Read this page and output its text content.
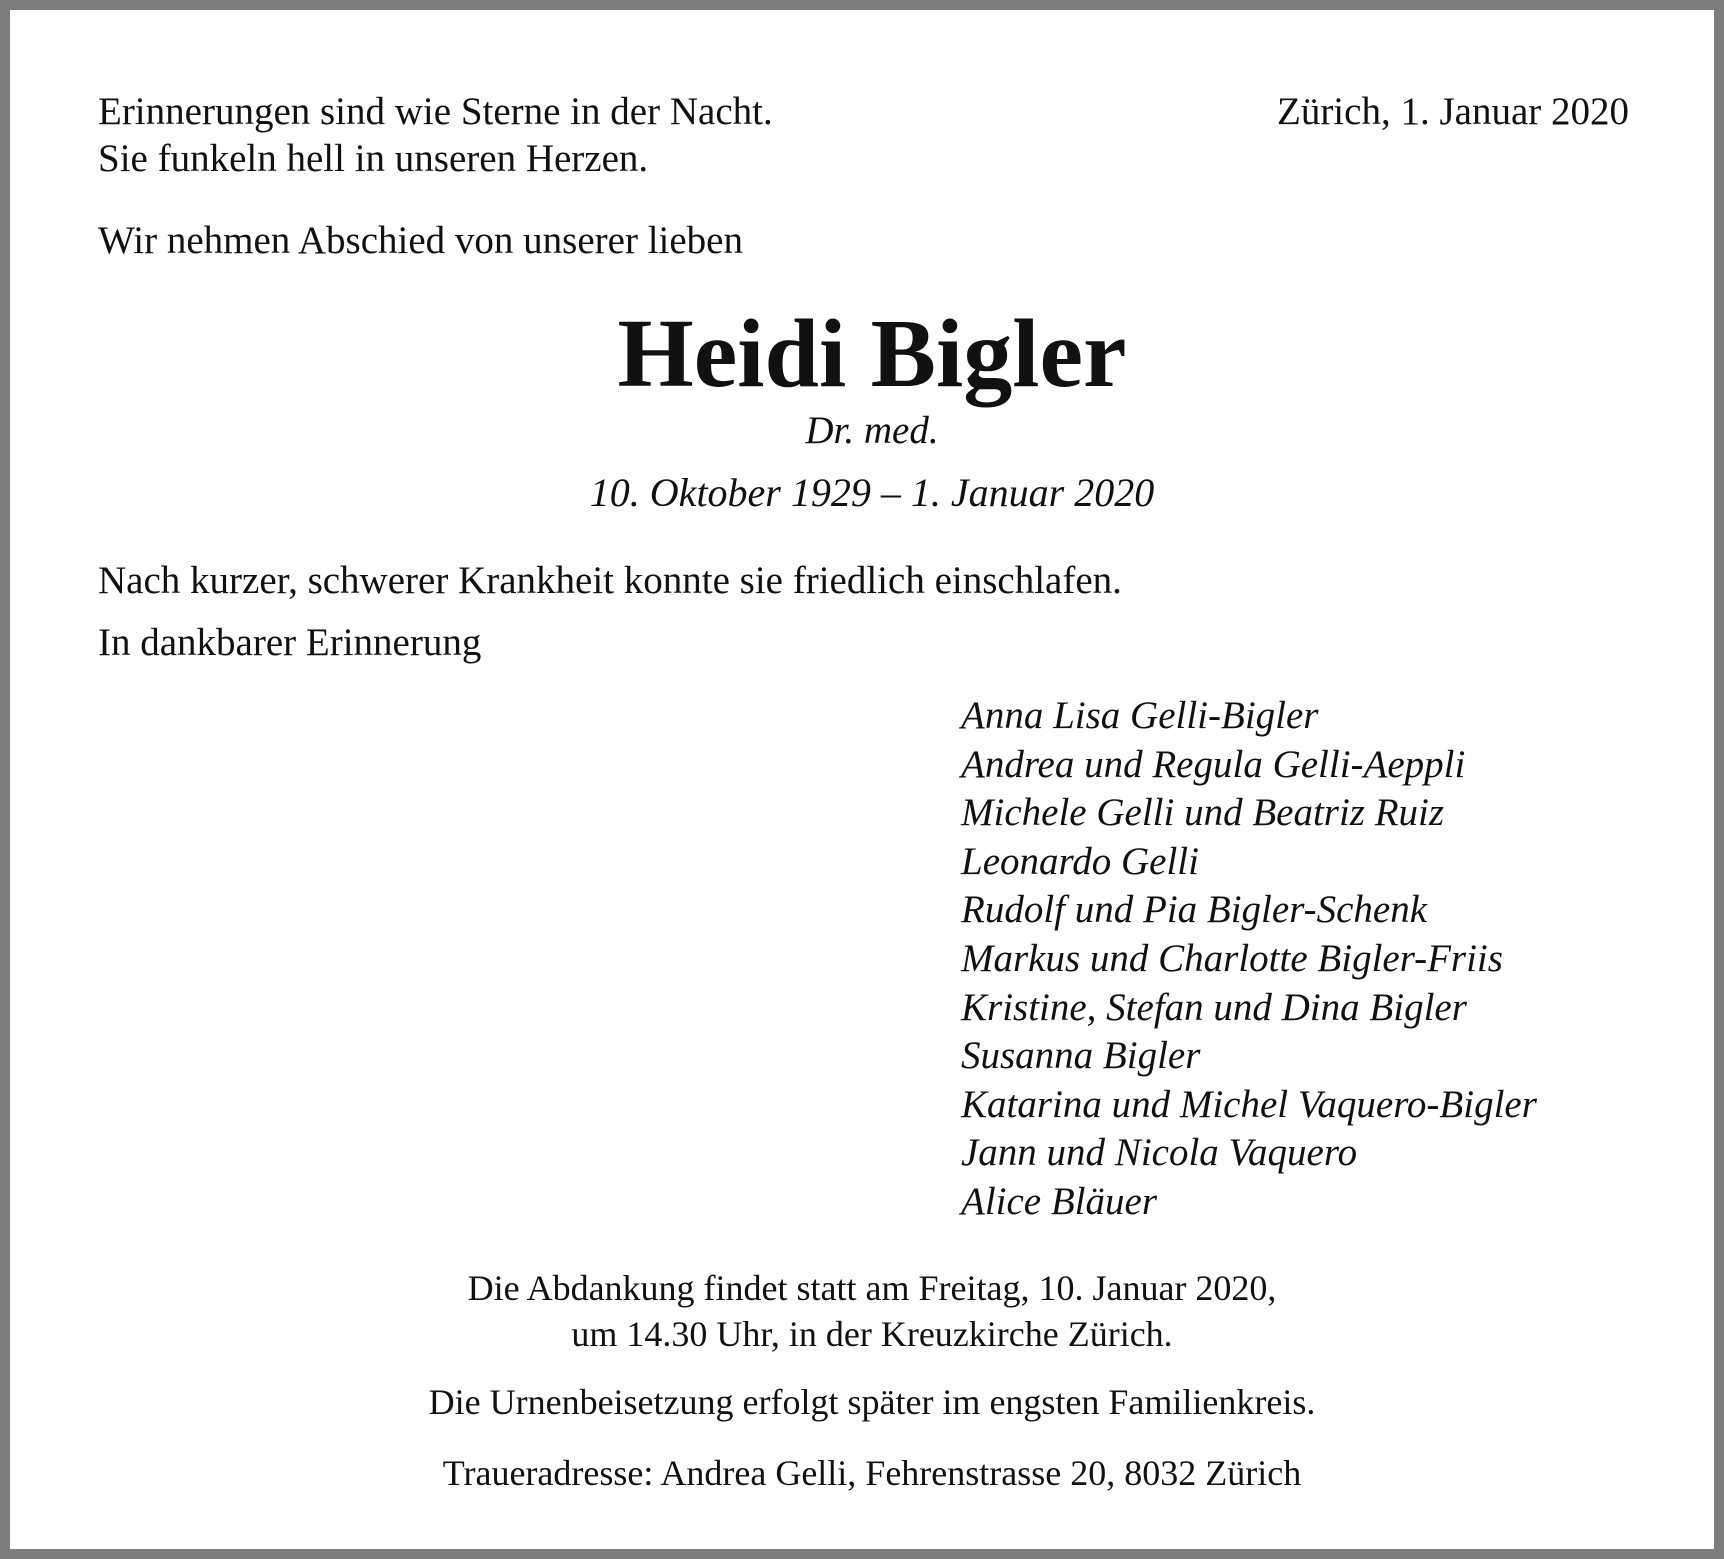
Erinnerungen sind wie Sterne in der Nacht.
Sie funkeln hell in unseren Herzen.
Zürich, 1. Januar 2020
Wir nehmen Abschied von unserer lieben
Heidi Bigler
Dr. med.
10. Oktober 1929 – 1. Januar 2020
Nach kurzer, schwerer Krankheit konnte sie friedlich einschlafen.
In dankbarer Erinnerung
Anna Lisa Gelli-Bigler
Andrea und Regula Gelli-Aeppli
Michele Gelli und Beatriz Ruiz
Leonardo Gelli
Rudolf und Pia Bigler-Schenk
Markus und Charlotte Bigler-Friis
Kristine, Stefan und Dina Bigler
Susanna Bigler
Katarina und Michel Vaquero-Bigler
Jann und Nicola Vaquero
Alice Bläuer
Die Abdankung findet statt am Freitag, 10. Januar 2020,
um 14.30 Uhr, in der Kreuzkirche Zürich.
Die Urnenbeisetzung erfolgt später im engsten Familienkreis.
Traueradresse: Andrea Gelli, Fehrenstrasse 20, 8032 Zürich
